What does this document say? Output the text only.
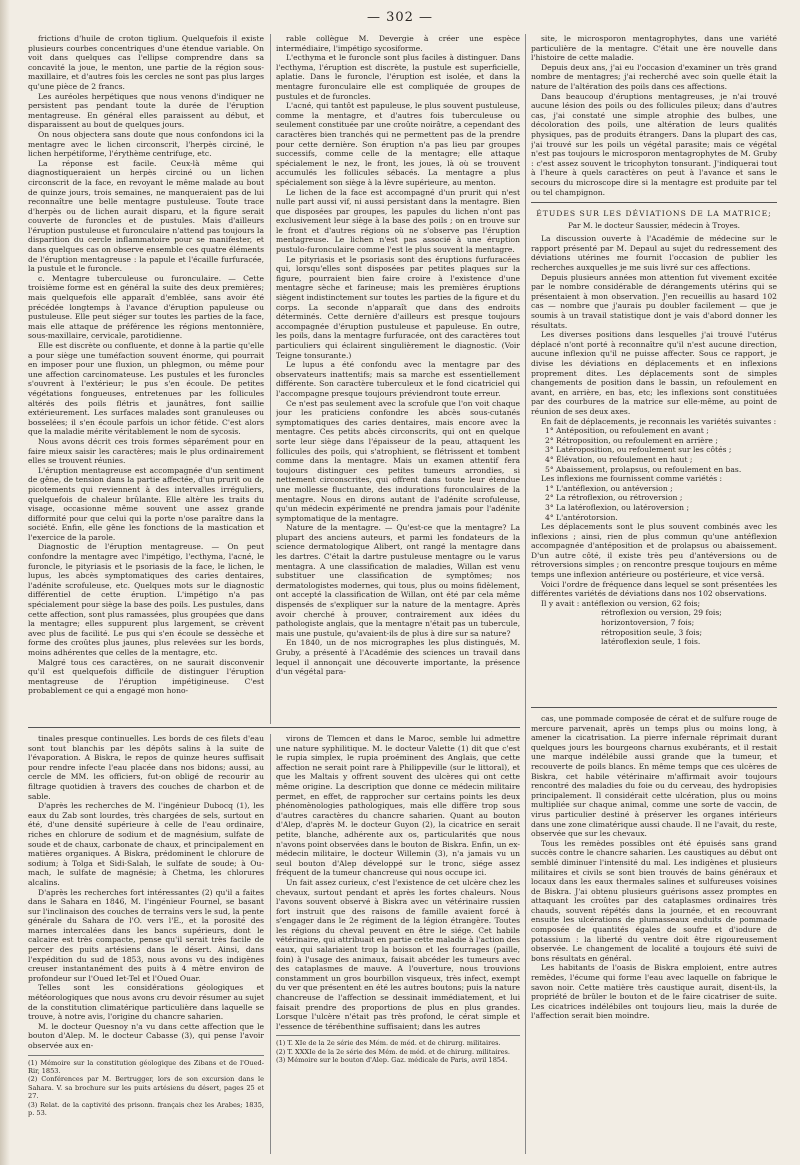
— 302 —

frictions d'huile de croton tiglium. Quelquefois il existe plusieurs courbes concentriques d'une étendue variable. On voit dans quelques cas l'ellipse comprendre dans sa concavité la joue, le menton, une partie de la région sous-maxillaire, et d'autres fois les cercles ne sont pas plus larges qu'une pièce de 2 francs.

Les auréoles herpétiques que nous venons d'indiquer ne persistent pas pendant toute la durée de l'éruption mentagreuse. En général elles paraissent au début, et disparaissent au bout de quelques jours.

On nous objectera sans doute que nous confondons ici la mentagre avec le lichen circonscrit, l'herpès circiné, le lichen herpétiforme, l'érythème centrifuge, etc.

La réponse est facile. Ceux-là même qui diagnostiqueraient un herpès circiné ou un lichen circonscrit de la face, en revoyant le même malade au bout de quinze jours, trois semaines, ne manqueraient pas de lui reconnaître une belle mentagre pustuleuse. Toute trace d'herpès ou de lichen aurait disparu, et la figure serait couverte de furoncles et de pustules. Mais d'ailleurs l'éruption pustuleuse et furonculaire n'attend pas toujours la disparition du cercle inflammatoire pour se manifester, et dans quelques cas on observe ensemble ces quatre éléments de l'éruption mentagreuse : la papule et l'écaille furfuracée, la pustule et le furoncle.

c. Mentagre tuberculeuse ou furonculaire. — Cette troisième forme est en général la suite des deux premières; mais quelquefois elle apparaît d'emblée, sans avoir été précédée longtemps à l'avance d'éruption papuleuse ou pustuleuse. Elle peut siéger sur toutes les parties de la face, mais elle attaque de préférence les régions mentonnière, sous-maxillaire, cervicale, parotidienne.

Elle est discrète ou confluente, et donne à la partie qu'elle a pour siège une tuméfaction souvent énorme, qui pourrait en imposer pour une fluxion, un phlegmon, ou même pour une affection carcinomateuse. Les pustules et les furoncles s'ouvrent à l'extérieur; le pus s'en écoule. De petites végétations fongueuses, entretenues par les follicules altérés des poils flétris et jaunâtres, font saillie extérieurement. Les surfaces malades sont granuleuses ou bosselées; il s'en écoule parfois un ichor fétide. C'est alors que la maladie mérite véritablement le nom de sycosis.

Nous avons décrit ces trois formes séparément pour en faire mieux saisir les caractères; mais le plus ordinairement elles se trouvent réunies.

L'éruption mentagreuse est accompagnée d'un sentiment de gêne, de tension dans la partie affectée, d'un prurit ou de picotements qui reviennent à des intervalles irréguliers, quelquefois de chaleur brûlante. Elle altère les traits du visage, occasionne même souvent une assez grande difformité pour que celui qui la porte n'ose paraître dans la société. Enfin, elle gêne les fonctions de la mastication et l'exercice de la parole.

Diagnostic de l'éruption mentagreuse. — On peut confondre la mentagre avec l'impétigo, l'ecthyma, l'acné, le furoncle, le pityriasis et le psoriasis de la face, le lichen, le lupus, les abcès symptomatiques des caries dentaires, l'adénite scrofuleuse, etc. Quelques mots sur le diagnostic différentiel de cette éruption. L'impétigo n'a pas spécialement pour siège la base des poils. Les pustules, dans cette affection, sont plus ramassées, plus groupées que dans la mentagre; elles suppurent plus largement, se crèvent avec plus de facilité. Le pus qui s'en écoule se dessèche et forme des croûtes plus jaunes, plus relevées sur les bords, moins adhérentes que celles de la mentagre, etc.

Malgré tous ces caractères, on ne saurait disconvenir qu'il est quelquefois difficile de distinguer l'éruption mentagreuse de l'éruption impétigineuse. C'est probablement ce qui a engagé mon hono-

rable collègue M. Devergie à créer une espèce intermédiaire, l'impétigo sycosiforme.

L'ecthyma et le furoncle sont plus faciles à distinguer. Dans l'ecthyma, l'éruption est discrète, la pustule est superficielle, aplatie. Dans le furoncle, l'éruption est isolée, et dans la mentagre furonculaire elle est compliquée de groupes de pustules et de furoncles.

L'acné, qui tantôt est papuleuse, le plus souvent pustuleuse, comme la mentagre, et d'autres fois tuberculeuse ou seulement constituée par une croûte noirâtre, a cependant des caractères bien tranchés qui ne permettent pas de la prendre pour cette dernière. Son éruption n'a pas lieu par groupes successifs, comme celle de la mentagre; elle attaque spécialement le nez, le front, les joues, là où se trouvent accumulés les follicules sébacés. La mentagre a plus spécialement son siège à la lèvre supérieure, au menton.

Le lichen de la face est accompagné d'un prurit qui n'est nulle part aussi vif, ni aussi persistant dans la mentagre. Bien que disposées par groupes, les papules du lichen n'ont pas exclusivement leur siège à la base des poils ; on en trouve sur le front et d'autres régions où ne s'observe pas l'éruption mentagreuse. Le lichen n'est pas associé à une éruption pustulo-furonculaire comme l'est le plus souvent la mentagre.

Le pityriasis et le psoriasis sont des éruptions furfuracées qui, lorsqu'elles sont disposées par petites plaques sur la figure, pourraient bien faire croire à l'existence d'une mentagre sèche et farineuse; mais les premières éruptions siègent indistinctement sur toutes les parties de la figure et du corps. La seconde n'apparaît que dans des endroits déterminés. Cette dernière d'ailleurs est presque toujours accompagnée d'éruption pustuleuse et papuleuse. En outre, les poils, dans la mentagre furfuracée, ont des caractères tout particuliers qui éclairent singulièrement le diagnostic. (Voir Teigne tonsurante.)

Le lupus a été confondu avec la mentagre par des observateurs inattentifs; mais sa marche est essentiellement différente. Son caractère tuberculeux et le fond cicatriciel qui l'accompagne presque toujours préviendront toute erreur.

Ce n'est pas seulement avec la scrofule que l'on voit chaque jour les praticiens confondre les abcès sous-cutanés symptomatiques des caries dentaires, mais encore avec la mentagre. Ces petits abcès circonscrits, qui ont en quelque sorte leur siège dans l'épaisseur de la peau, attaquent les follicules des poils, qui s'atrophient, se flétrissent et tombent comme dans la mentagre. Mais un examen attentif fera toujours distinguer ces petites tumeurs arrondies, si nettement circonscrites, qui offrent dans toute leur étendue une mollesse fluctuante, des indurations furonculaires de la mentagre. Nous en dirons autant de l'adénite scrofuleuse, qu'un médecin expérimenté ne prendra jamais pour l'adénite symptomatique de la mentagre.

Nature de la mentagre. — Qu'est-ce que la mentagre? La plupart des anciens auteurs, et parmi les fondateurs de la science dermatologique Alibert, ont rangé la mentagre dans les dartres. C'était la dartre pustuleuse mentagre ou le varus mentagra. A une classification de maladies, Willan est venu substituer une classification de symptômes; nos dermatologistes modernes, qui tous, plus ou moins fidèlement, ont accepté la classification de Willan, ont été par cela même dispensés de s'expliquer sur la nature de la mentagre. Après avoir cherché à prouver, contrairement aux idées du pathologiste anglais, que la mentagre n'était pas un tubercule, mais une pustule, qu'avaient-ils de plus à dire sur sa nature?

En 1840, un de nos micrographes les plus distingués, M. Gruby, a présenté à l'Académie des sciences un travail dans lequel il annonçait une découverte importante, la présence d'un végétal para-

site, le microsporon mentagrophytes, dans une variété particulière de la mentagre. C'était une ère nouvelle dans l'histoire de cette maladie.

Depuis deux ans, j'ai eu l'occasion d'examiner un très grand nombre de mentagres; j'ai recherché avec soin quelle était la nature de l'altération des poils dans ces affections.

Dans beaucoup d'éruptions mentagreuses, je n'ai trouvé aucune lésion des poils ou des follicules pileux; dans d'autres cas, j'ai constaté une simple atrophie des bulbes, une décoloration des poils, une altération de leurs qualités physiques, pas de produits étrangers. Dans la plupart des cas, j'ai trouvé sur les poils un végétal parasite; mais ce végétal n'est pas toujours le microsporon mentagrophytes de M. Gruby : c'est assez souvent le tricophyton tonsurant. J'indiquerai tout à l'heure à quels caractères on peut à l'avance et sans le secours du microscope dire si la mentagre est produite par tel ou tel champignon.

ÉTUDES SUR LES DÉVIATIONS DE LA MATRICE;
Par M. le docteur Saussier, médecin à Troyes.

La discussion ouverte à l'Académie de médecine sur le rapport présenté par M. Depaul au sujet du redressement des déviations utérines me fournit l'occasion de publier les recherches auxquelles je me suis livré sur ces affections.

Depuis plusieurs années mon attention fut vivement excitée par le nombre considérable de dérangements utérins qui se présentaient à mon observation. J'en recueillis au hasard 102 cas — nombre que j'aurais pu doubler facilement — que je soumis à un travail statistique dont je vais d'abord donner les résultats.

Les diverses positions dans lesquelles j'ai trouvé l'utérus déplacé n'ont porté à reconnaître qu'il n'est aucune direction, aucune inflexion qu'il ne puisse affecter. Sous ce rapport, je divise les déviations en déplacements et en inflexions proprement dites. Les déplacements sont de simples changements de position dans le bassin, un refoulement en avant, en arrière, en bas, etc; les inflexions sont constituées par des courbures de la matrice sur elle-même, au point de réunion de ses deux axes.

En fait de déplacements, je reconnais les variétés suivantes :

1° Antéposition, ou refoulement en avant ;

2° Rétroposition, ou refoulement en arrière ;

3° Latéroposition, ou refoulement sur les côtés ;

4° Élévation, ou refoulement en haut ;

5° Abaissement, prolapsus, ou refoulement en bas.

Les inflexions me fournissent comme variétés :

1° L'antéflexion, ou antéversion ;

2° La rétroflexion, ou rétroversion ;

3° La latéroflexion, ou latéroversion ;

4° L'antérotorsion.

Les déplacements sont le plus souvent combinés avec les inflexions ; ainsi, rien de plus commun qu'une antéflexion accompagnée d'antéposition et de prolapsus ou abaissement. D'un autre côté, il existe très peu d'antéversions ou de rétroversions simples ; on rencontre presque toujours en même temps une inflexion antérieure ou postérieure, et vice versâ.

Voici l'ordre de fréquence dans lequel se sont présentées les différentes variétés de déviations dans nos 102 observations.

Il y avait : antéflexion ou version, 62 fois;

rétroflexion ou version, 29 fois;

horizontoversion, 7 fois;

rétroposition seule, 3 fois;

latéroflexion seule, 1 fois.

tinales presque continuelles. Les bords de ces filets d'eau sont tout blanchis par les dépôts salins à la suite de l'évaporation. A Biskra, le repos de quinze heures suffisait pour rendre infecte l'eau placée dans nos bidons; aussi, au cercle de MM. les officiers, fut-on obligé de recourir au filtrage quotidien à travers des couches de charbon et de sable.

D'après les recherches de M. l'ingénieur Dubocq (1), les eaux du Zab sont lourdes, très chargées de sels, surtout en été, d'une densité supérieure à celle de l'eau ordinaire, riches en chlorure de sodium et de magnésium, sulfate de soude et de chaux, carbonate de chaux, et principalement en matières organiques. A Biskra, prédominent le chlorure de sodium; à Tolga et Sidi-Salah, le sulfate de soude; à Ou-mach, le sulfate de magnésie; à Chetma, les chlorures alcalins.

D'après les recherches fort intéressantes (2) qu'il a faites dans le Sahara en 1846, M. l'ingénieur Fournel, se basant sur l'inclinaison des couches de terrains vers le sud, la pente générale du Sahara de l'O. vers l'E., et la porosité des marnes intercalées dans les bancs supérieurs, dont le calcaire est très compacte, pense qu'il serait très facile de percer des puits artésiens dans le désert. Ainsi, dans l'expédition du sud de 1853, nous avons vu des indigènes creuser instantanément des puits à 4 mètre environ de profondeur sur l'Oued Iet-Tel et l'Oued Ouar.

Telles sont les considérations géologiques et météorologiques que nous avons cru devoir résumer au sujet de la constitution climatérique particulière dans laquelle se trouve, à notre avis, l'origine du chancre saharien.

M. le docteur Quesnoy n'a vu dans cette affection que le bouton d'Alep. M. le docteur Cabasse (3), qui pense l'avoir observée aux en-

(1) Mémoire sur la constitution géologique des Zibans et de l'Oued-Rir, 1853.

(2) Conférences par M. Bertrugger, lors de son excursion dans le Sahara. V. sa brochure sur les puits artésiens du désert, pages 25 et 27.

(3) Relat. de la captivité des prisonn. français chez les Arabes; 1835, p. 53.

virons de Tlemcen et dans le Maroc, semble lui admettre une nature syphilitique. M. le docteur Valette (1) dit que c'est le rupia simplex, le rupia proéminent des Anglais, que cette affection ne serait point rare à Philippeville (sur le littoral), et que les Maltais y offrent souvent des ulcères qui ont cette même origine. La description que donne ce médecin militaire permet, en effet, de rapprocher sur certains points les deux phénomènologies pathologiques, mais elle diffère trop sous d'autres caractères du chancre saharien. Quant au bouton d'Alep, d'après M. le docteur Guyon (2), la cicatrice en serait petite, blanche, adhérente aux os, particularités que nous n'avons point observées dans le bouton de Biskra. Enfin, un ex-médecin militaire, le docteur Willemin (3), n'a jamais vu un seul bouton d'Alep développé sur le tronc, siége assez fréquent de la tumeur chancreuse qui nous occupe ici.

Un fait assez curieux, c'est l'existence de cet ulcère chez les chevaux, surtout pendant et après les fortes chaleurs. Nous l'avons souvent observé à Biskra avec un vétérinaire russien fort instruit que des raisons de famille avaient forcé à s'engager dans le 2e régiment de la légion étrangère. Toutes les régions du cheval peuvent en être le siége. Cet habile vétérinaire, qui attribuait en partie cette maladie à l'action des eaux, qui salariaient trop la boisson et les fourrages (paille, foin) à l'usage des animaux, faisait abcéder les tumeurs avec des cataplasmes de mauve. A l'ouverture, nous trouvions constamment un gros bourbillon visqueux, très infect, exempt du ver que présentent en été les autres boutons; puis la nature chancreuse de l'affection se dessinait immédiatement, et lui faisait prendre des proportions de plus en plus grandes. Lorsque l'ulcère n'était pas très profond, le cérat simple et l'essence de térébenthine suffisaient; dans les autres

(1) T. XIe de la 2e série des Mém. de méd. et de chirurg. militaires.

(2) T. XXXIe de la 2e série des Mém. de méd. et de chirurg. militaires.

(3) Mémoire sur le bouton d'Alep. Gaz. médicale de Paris, avril 1854.

cas, une pommade composée de cérat et de sulfure rouge de mercure parvenait, après un temps plus ou moins long, à amener la cicatrisation. La pierre infernale réprimait durant quelques jours les bourgeons charnus exubérants, et il restait une marque indélébile aussi grande que la tumeur, et recouverte de poils blancs. En même temps que ces ulcères de Biskra, cet habile vétérinaire m'affirmait avoir toujours rencontré des maladies du foie ou du cerveau, des hydropisies principalement. Il considérait cette ulcération, plus ou moins multipliée sur chaque animal, comme une sorte de vaccin, de virus particulier destiné à préserver les organes intérieurs dans une zone climatérique aussi chaude. Il ne l'avait, du reste, observée que sur les chevaux.

Tous les remèdes possibles ont été épuisés sans grand succès contre le chancre saharien. Les caustiques au début ont semblé diminuer l'intensité du mal. Les indigènes et plusieurs militaires et civils se sont bien trouvés de bains généraux et locaux dans les eaux thermales salines et sulfureuses voisines de Biskra. J'ai obtenu plusieurs guérisons assez promptes en attaquant les croûtes par des cataplasmes ordinaires très chauds, souvent répétés dans la journée, et en recouvrant ensuite les ulcérations de plumasseaux enduits de pommade composée de quantités égales de soufre et d'iodure de potassium : la liberté du ventre doit être rigoureusement observée. Le changement de localité a toujours été suivi de bons résultats en général.

Les habitants de l'oasis de Biskra emploient, entre autres remèdes, l'écume qui forme l'eau avec laquelle on fabrique le savon noir. Cette matière très caustique aurait, disent-ils, la propriété de brûler le bouton et de le faire cicatriser de suite. Les cicatrices indélébiles ont toujours lieu, mais la durée de l'affection serait bien moindre.
